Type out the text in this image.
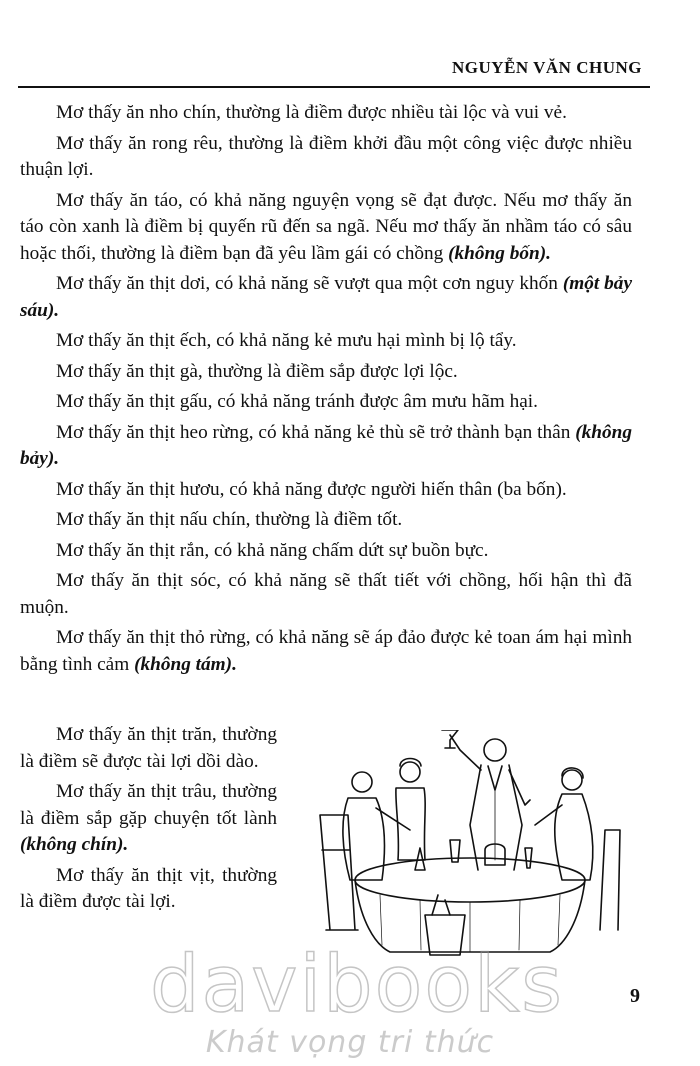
NGUYỄN VĂN CHUNG

Mơ thấy ăn nho chín, thường là điềm được nhiều tài lộc và vui vẻ.

Mơ thấy ăn rong rêu, thường là điềm khởi đầu một công việc được nhiều thuận lợi.

Mơ thấy ăn táo, có khả năng nguyện vọng sẽ đạt được. Nếu mơ thấy ăn táo còn xanh là điềm bị quyến rũ đến sa ngã. Nếu mơ thấy ăn nhầm táo có sâu hoặc thối, thường là điềm bạn đã yêu lầm gái có chồng (không bốn).

Mơ thấy ăn thịt dơi, có khả năng sẽ vượt qua một cơn nguy khốn (một bảy sáu).

Mơ thấy ăn thịt ếch, có khả năng kẻ mưu hại mình bị lộ tẩy.

Mơ thấy ăn thịt gà, thường là điềm sắp được lợi lộc.

Mơ thấy ăn thịt gấu, có khả năng tránh được âm mưu hãm hại.

Mơ thấy ăn thịt heo rừng, có khả năng kẻ thù sẽ trở thành bạn thân (không bảy).

Mơ thấy ăn thịt hươu, có khả năng được người hiến thân (ba bốn).

Mơ thấy ăn thịt nấu chín, thường là điềm tốt.

Mơ thấy ăn thịt rắn, có khả năng chấm dứt sự buồn bực.

Mơ thấy ăn thịt sóc, có khả năng sẽ thất tiết với chồng, hối hận thì đã muộn.

Mơ thấy ăn thịt thỏ rừng, có khả năng sẽ áp đảo được kẻ toan ám hại mình bằng tình cảm (không tám).

Mơ thấy ăn thịt trăn, thường là điềm sẽ được tài lợi dồi dào.

Mơ thấy ăn thịt trâu, thường là điềm sắp gặp chuyện tốt lành (không chín).

Mơ thấy ăn thịt vịt, thường là điềm được tài lợi.

9
davibooks
Khát vọng tri thức
